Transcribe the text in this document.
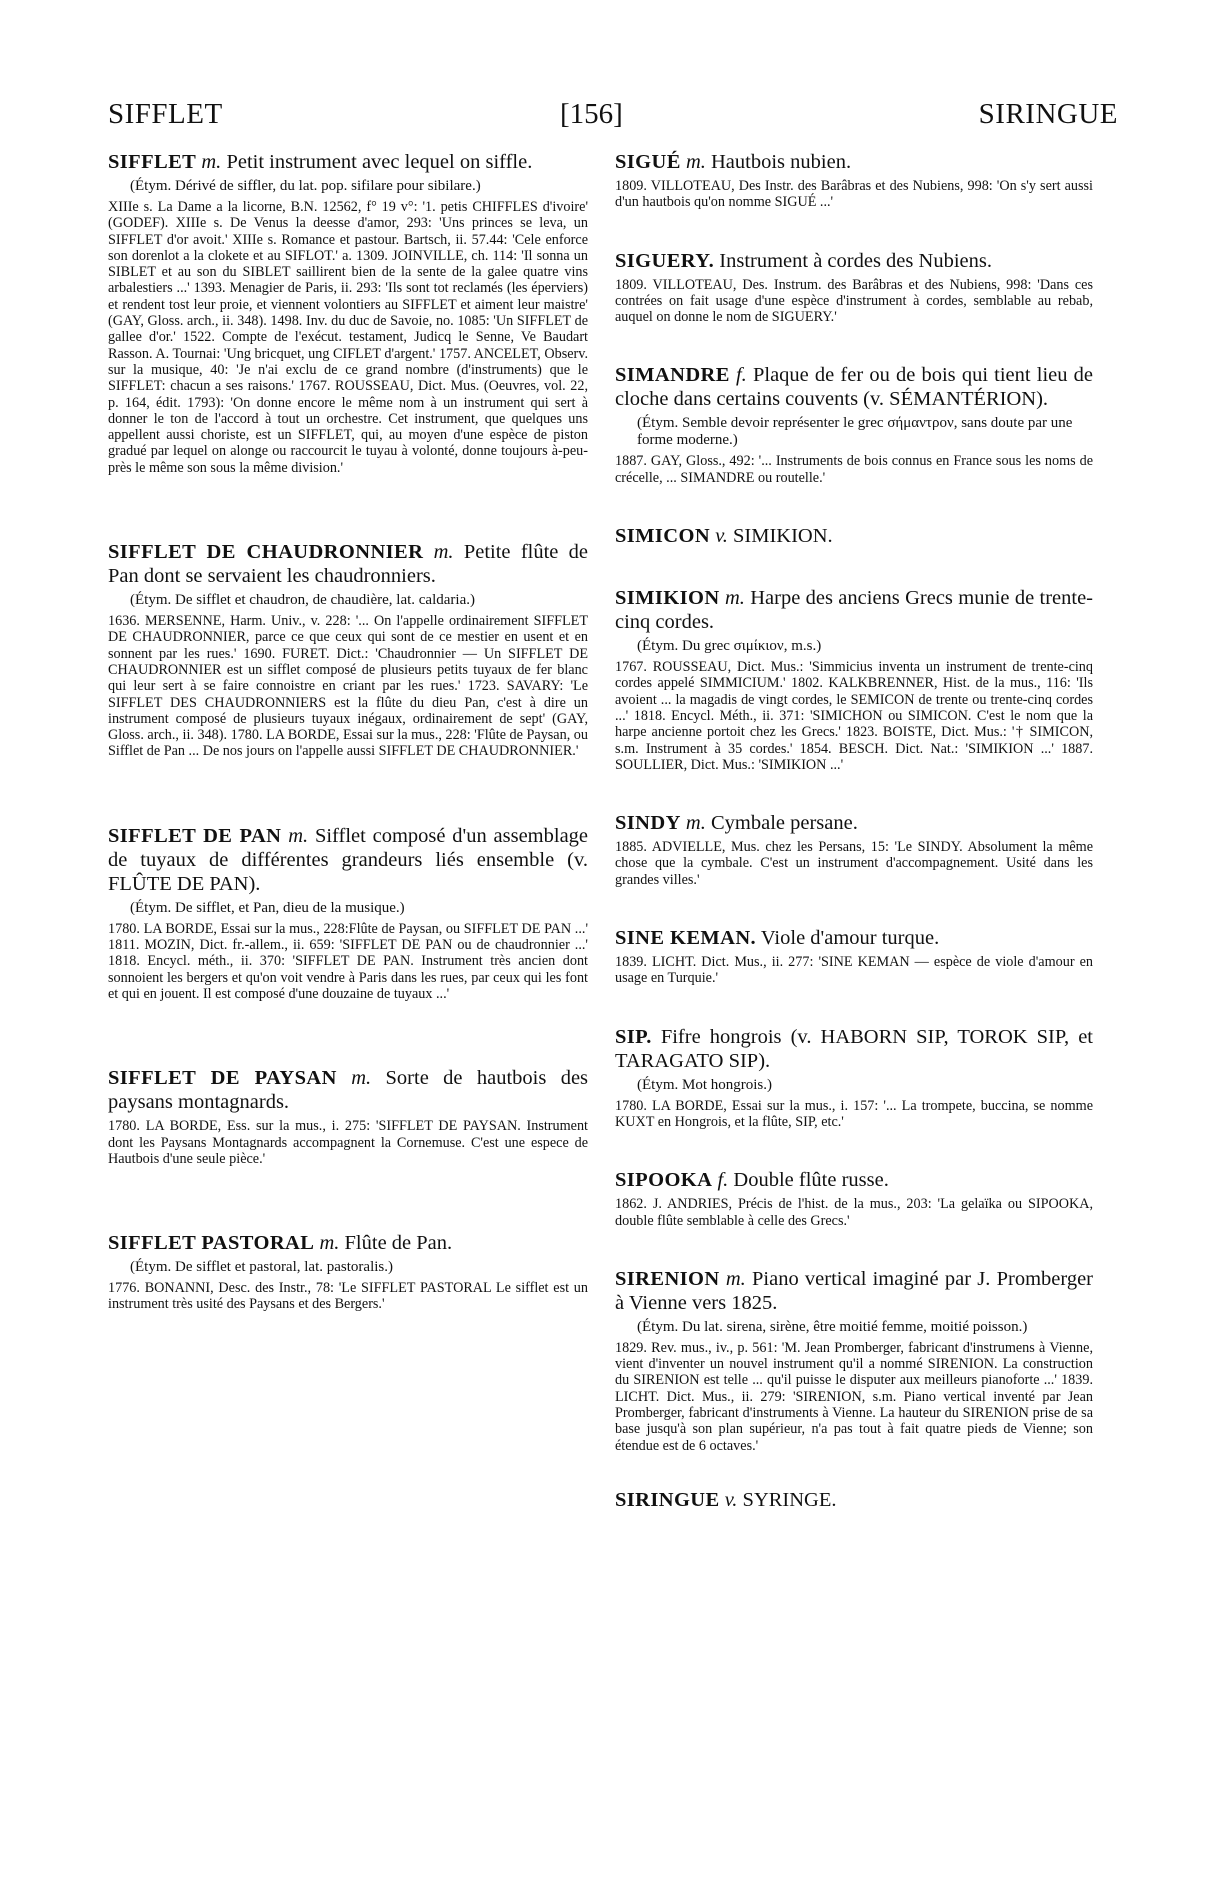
SIFFLET	[156]	SIRINGUE

SIFFLET m. Petit instrument avec lequel on siffle.

(Étym. Dérivé de siffler, du lat. pop. sifilare pour sibilare.)

XIIIe s. La Dame a la licorne, B.N. 12562, f° 19 v°: '1. petis CHIFFLES d'ivoire' (GODEF). XIIIe s. De Venus la deesse d'amor, 293: 'Uns princes se leva, un SIFFLET d'or avoit.' XIIIe s. Romance et pastour. Bartsch, ii. 57.44: 'Cele enforce son dorenlot a la clokete et au SIFLOT.' a. 1309. JOINVILLE, ch. 114: 'Il sonna un SIBLET et au son du SIBLET saillirent bien de la sente de la galee quatre vins arbalestiers ...' 1393. Menagier de Paris, ii. 293: 'Ils sont tot reclamés (les éperviers) et rendent tost leur proie, et viennent volontiers au SIFFLET et aiment leur maistre' (GAY, Gloss. arch., ii. 348). 1498. Inv. du duc de Savoie, no. 1085: 'Un SIFFLET de gallee d'or.' 1522. Compte de l'exécut. testament, Judicq le Senne, Ve Baudart Rasson. A. Tournai: 'Ung bricquet, ung CIFLET d'argent.' 1757. ANCELET, Observ. sur la musique, 40: 'Je n'ai exclu de ce grand nombre (d'instruments) que le SIFFLET: chacun a ses raisons.' 1767. ROUSSEAU, Dict. Mus. (Oeuvres, vol. 22, p. 164, édit. 1793): 'On donne encore le même nom à un instrument qui sert à donner le ton de l'accord à tout un orchestre. Cet instrument, que quelques uns appellent aussi choriste, est un SIFFLET, qui, au moyen d'une espèce de piston gradué par lequel on alonge ou raccourcit le tuyau à volonté, donne toujours à-peu-près le même son sous la même division.'

SIFFLET DE CHAUDRONNIER m. Petite flûte de Pan dont se servaient les chaudronniers.

(Étym. De sifflet et chaudron, de chaudière, lat. caldaria.)

1636. MERSENNE, Harm. Univ., v. 228: '... On l'appelle ordinairement SIFFLET DE CHAUDRONNIER, parce ce que ceux qui sont de ce mestier en usent et en sonnent par les rues.' 1690. FURET. Dict.: 'Chaudronnier — Un SIFFLET DE CHAUDRONNIER est un sifflet composé de plusieurs petits tuyaux de fer blanc qui leur sert à se faire connoistre en criant par les rues.' 1723. SAVARY: 'Le SIFFLET DES CHAUDRONNIERS est la flûte du dieu Pan, c'est à dire un instrument composé de plusieurs tuyaux inégaux, ordinairement de sept' (GAY, Gloss. arch., ii. 348). 1780. LA BORDE, Essai sur la mus., 228: 'Flûte de Paysan, ou Sifflet de Pan ... De nos jours on l'appelle aussi SIFFLET DE CHAUDRONNIER.'

SIFFLET DE PAN m. Sifflet composé d'un assemblage de tuyaux de différentes grandeurs liés ensemble (v. FLÛTE DE PAN).

(Étym. De sifflet, et Pan, dieu de la musique.)

1780. LA BORDE, Essai sur la mus., 228:Flûte de Paysan, ou SIFFLET DE PAN ...' 1811. MOZIN, Dict. fr.-allem., ii. 659: 'SIFFLET DE PAN ou de chaudronnier ...' 1818. Encycl. méth., ii. 370: 'SIFFLET DE PAN. Instrument très ancien dont sonnoient les bergers et qu'on voit vendre à Paris dans les rues, par ceux qui les font et qui en jouent. Il est composé d'une douzaine de tuyaux ...'

SIFFLET DE PAYSAN m. Sorte de hautbois des paysans montagnards.

1780. LA BORDE, Ess. sur la mus., i. 275: 'SIFFLET DE PAYSAN. Instrument dont les Paysans Montagnards accompagnent la Cornemuse. C'est une espece de Hautbois d'une seule pièce.'

SIFFLET PASTORAL m. Flûte de Pan.

(Étym. De sifflet et pastoral, lat. pastoralis.)

1776. BONANNI, Desc. des Instr., 78: 'Le SIFFLET PASTORAL Le sifflet est un instrument très usité des Paysans et des Bergers.'

SIGUÉ m. Hautbois nubien.

1809. VILLOTEAU, Des Instr. des Barâbras et des Nubiens, 998: 'On s'y sert aussi d'un hautbois qu'on nomme SIGUÉ ...'

SIGUERY. Instrument à cordes des Nubiens.

1809. VILLOTEAU, Des. Instrum. des Barâbras et des Nubiens, 998: 'Dans ces contrées on fait usage d'une espèce d'instrument à cordes, semblable au rebab, auquel on donne le nom de SIGUERY.'

SIMANDRE f. Plaque de fer ou de bois qui tient lieu de cloche dans certains couvents (v. SÉMANTÉRION).

(Étym. Semble devoir représenter le grec σήμαντρον, sans doute par une forme moderne.)

1887. GAY, Gloss., 492: '... Instruments de bois connus en France sous les noms de crécelle, ... SIMANDRE ou routelle.'

SIMICON v. SIMIKION.

SIMIKION m. Harpe des anciens Grecs munie de trente-cinq cordes.

(Étym. Du grec σιμίκιον, m.s.)

1767. ROUSSEAU, Dict. Mus.: 'Simmicius inventa un instrument de trente-cinq cordes appelé SIMMICIUM.' 1802. KALKBRENNER, Hist. de la mus., 116: 'Ils avoient ... la magadis de vingt cordes, le SEMICON de trente ou trente-cinq cordes ...' 1818. Encycl. Méth., ii. 371: 'SIMICHON ou SIMICON. C'est le nom que la harpe ancienne portoit chez les Grecs.' 1823. BOISTE, Dict. Mus.: '† SIMICON, s.m. Instrument à 35 cordes.' 1854. BESCH. Dict. Nat.: 'SIMIKION ...' 1887. SOULLIER, Dict. Mus.: 'SIMIKION ...'

SINDY m. Cymbale persane.

1885. ADVIELLE, Mus. chez les Persans, 15: 'Le SINDY. Absolument la même chose que la cymbale. C'est un instrument d'accompagnement. Usité dans les grandes villes.'

SINE KEMAN. Viole d'amour turque.

1839. LICHT. Dict. Mus., ii. 277: 'SINE KEMAN — espèce de viole d'amour en usage en Turquie.'

SIP. Fifre hongrois (v. HABORN SIP, TOROK SIP, et TARAGATO SIP).

(Étym. Mot hongrois.)

1780. LA BORDE, Essai sur la mus., i. 157: '... La trompete, buccina, se nomme KUXT en Hongrois, et la flûte, SIP, etc.'

SIPOOKA f. Double flûte russe.

1862. J. ANDRIES, Précis de l'hist. de la mus., 203: 'La gelaïka ou SIPOOKA, double flûte semblable à celle des Grecs.'

SIRENION m. Piano vertical imaginé par J. Promberger à Vienne vers 1825.

(Étym. Du lat. sirena, sirène, être moitié femme, moitié poisson.)

1829. Rev. mus., iv., p. 561: 'M. Jean Promberger, fabricant d'instrumens à Vienne, vient d'inventer un nouvel instrument qu'il a nommé SIRENION. La construction du SIRENION est telle ... qu'il puisse le disputer aux meilleurs pianoforte ...' 1839. LICHT. Dict. Mus., ii. 279: 'SIRENION, s.m. Piano vertical inventé par Jean Promberger, fabricant d'instruments à Vienne. La hauteur du SIRENION prise de sa base jusqu'à son plan supérieur, n'a pas tout à fait quatre pieds de Vienne; son étendue est de 6 octaves.'

SIRINGUE v. SYRINGE.
